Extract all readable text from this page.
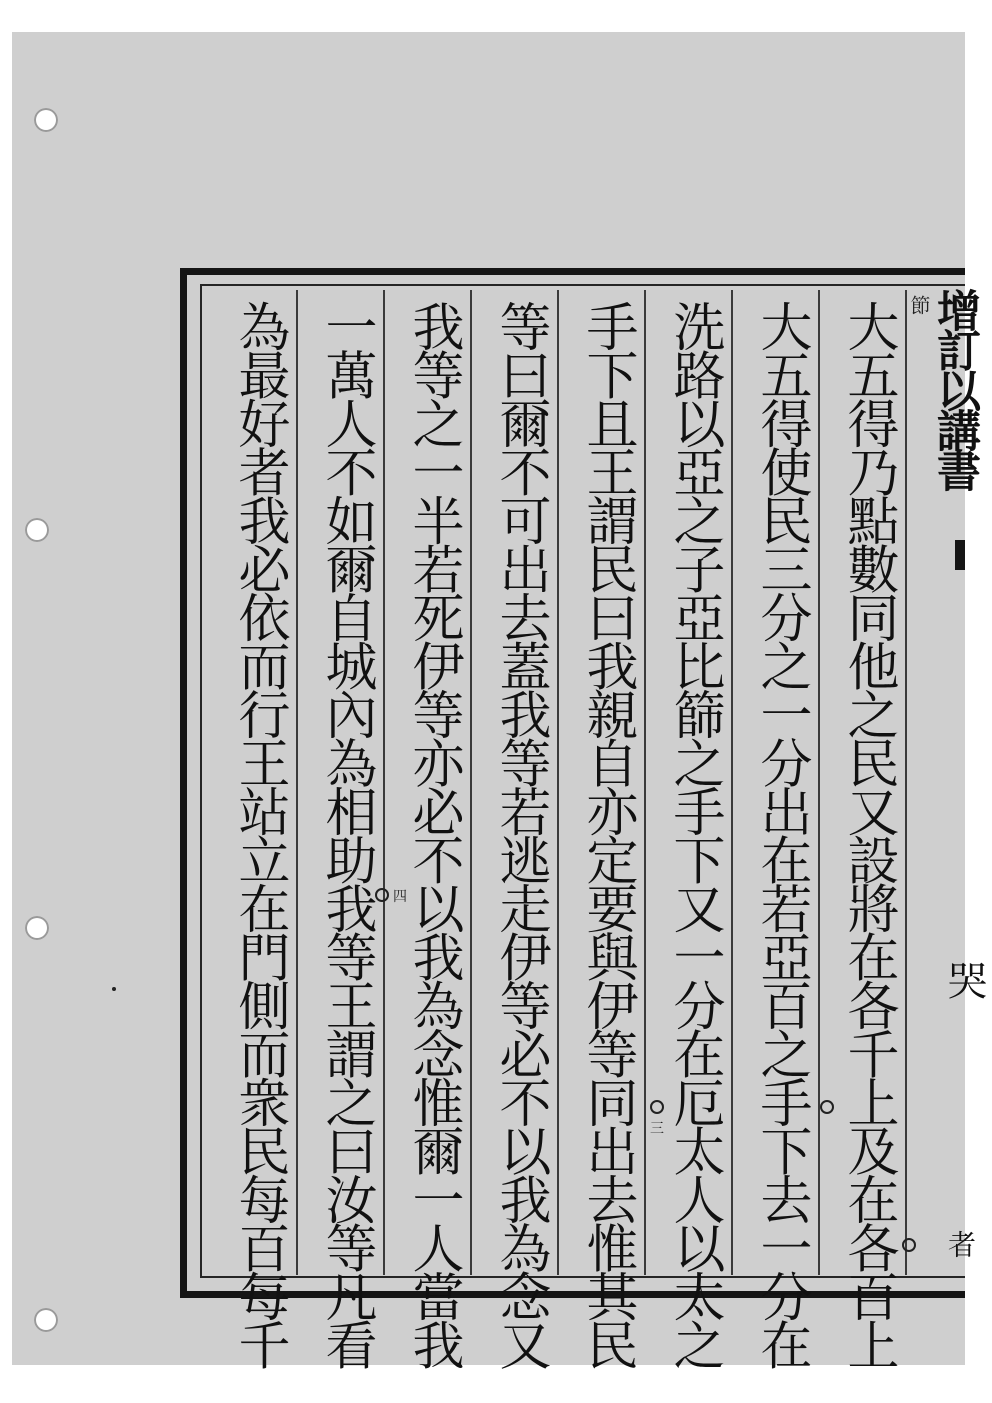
節
增訂以講書
哭
者
大五得乃點數同他之民又設將在各千上及在各百上
大五得使民三分之一分出在若亞百之手下去一分在
洗路以亞之子亞比篩之手下又一分在厄太人以太之
手下且王謂民曰我親自亦定要與伊等同出去惟其民
等曰爾不可出去蓋我等若逃走伊等必不以我為念又
我等之一半若死伊等亦必不以我為念惟爾一人當我
一萬人不如爾自城內為相助我等王謂之曰汝等凡看
為最好者我必依而行王站立在門側而衆民每百每千	三
四
